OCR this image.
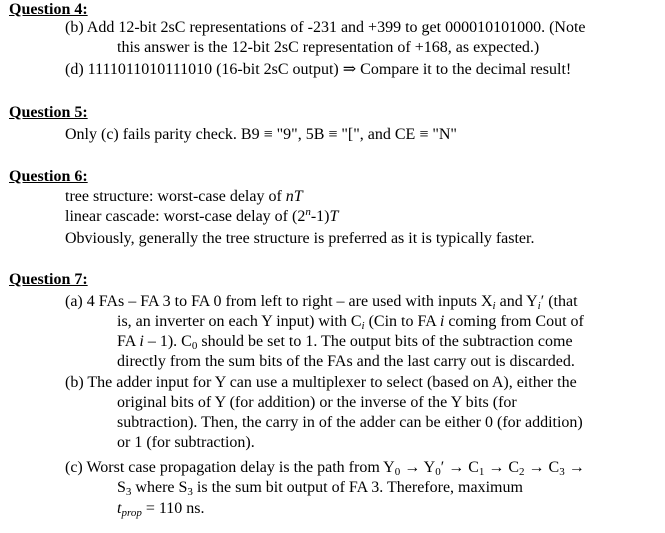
Question 4:
(b) Add 12-bit 2sC representations of -231 and +399 to get 000010101000. (Note
this answer is the 12-bit 2sC representation of +168, as expected.)
(d) 1111011010111010 (16-bit 2sC output) ⇒ Compare it to the decimal result!
Question 5:
Only (c) fails parity check. B9 ≡ "9", 5B ≡ "[", and CE ≡ "N"
Question 6:
tree structure: worst-case delay of nT
linear cascade: worst-case delay of (2$^n$-1)T
Obviously, generally the tree structure is preferred as it is typically faster.
Question 7:
(a) 4 FAs – FA 3 to FA 0 from left to right – are used with inputs $X_i$ and $Y_i'$ (that
is, an inverter on each Y input) with $C_i$ (Cin to FA i coming from Cout of
FA i – 1). $C_0$ should be set to 1. The output bits of the subtraction come
directly from the sum bits of the FAs and the last carry out is discarded.
(b) The adder input for Y can use a multiplexer to select (based on A), either the
original bits of Y (for addition) or the inverse of the Y bits (for
subtraction). Then, the carry in of the adder can be either 0 (for addition)
or 1 (for subtraction).
(c) Worst case propagation delay is the path from $Y_0 \to Y_0' \to C_1 \to C_2 \to C_3$ →
$S_3$ where $S_3$ is the sum bit output of FA 3. Therefore, maximum
$t_{prop} = 110$ ns.
